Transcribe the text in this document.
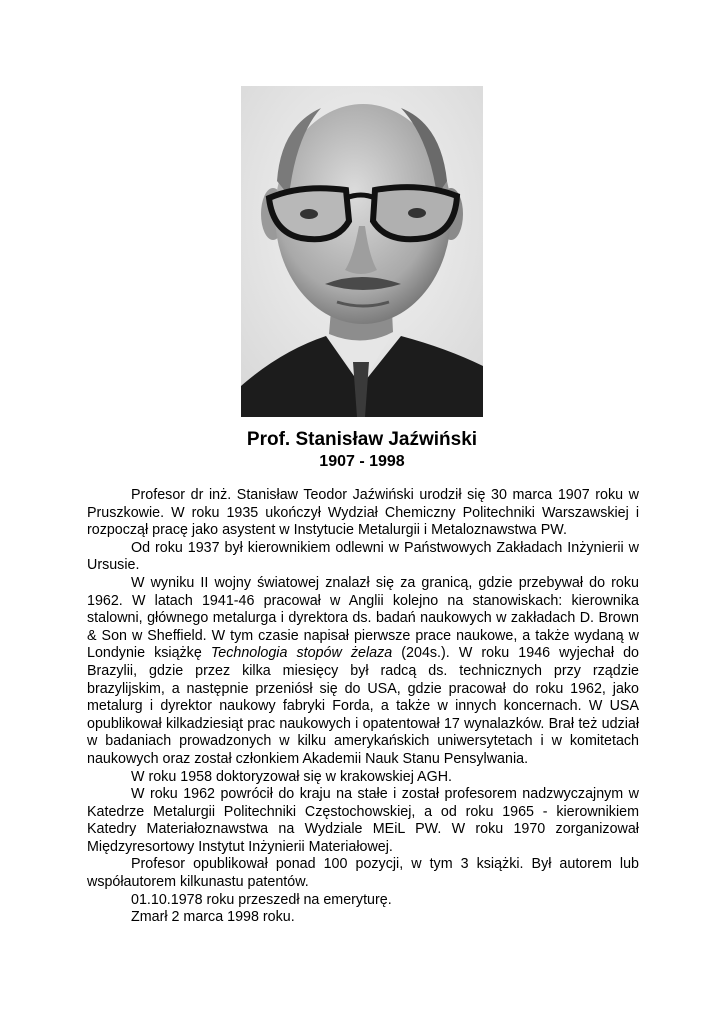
Prof. Stanisław Jaźwiński
1907 - 1998

Profesor dr inż. Stanisław Teodor Jaźwiński urodził się 30 marca 1907 roku w Pruszkowie. W roku 1935 ukończył Wydział Chemiczny Politechniki Warszawskiej i rozpoczął pracę jako asystent w Instytucie Metalurgii i Metaloznawstwa PW.

Od roku 1937 był kierownikiem odlewni w Państwowych Zakładach Inżynierii w Ursusie.

W wyniku II wojny światowej znalazł się za granicą, gdzie przebywał do roku 1962. W latach 1941-46 pracował w Anglii kolejno na stanowiskach: kierownika stalowni, głównego metalurga i dyrektora ds. badań naukowych w zakładach D. Brown & Son w Sheffield. W tym czasie napisał pierwsze prace naukowe, a także wydaną w Londynie książkę Technologia stopów żelaza (204s.). W roku 1946 wyjechał do Brazylii, gdzie przez kilka miesięcy był radcą ds. technicznych przy rządzie brazylijskim, a następnie przeniósł się do USA, gdzie pracował do roku 1962, jako metalurg i dyrektor naukowy fabryki Forda, a także w innych koncernach. W USA opublikował kilkadziesiąt prac naukowych i opatentował 17 wynalazków. Brał też udział w badaniach prowadzonych w kilku amerykańskich uniwersytetach i w komitetach naukowych oraz został członkiem Akademii Nauk Stanu Pensylwania.

W roku 1958 doktoryzował się w krakowskiej AGH.

W roku 1962 powrócił do kraju na stałe i został profesorem nadzwyczajnym w Katedrze Metalurgii Politechniki Częstochowskiej, a od roku 1965 - kierownikiem Katedry Materiałoznawstwa na Wydziale MEiL PW. W roku 1970 zorganizował Międzyresortowy Instytut Inżynierii Materiałowej.

Profesor opublikował ponad 100 pozycji, w tym 3 książki. Był autorem lub współautorem kilkunastu patentów.

01.10.1978 roku przeszedł na emeryturę.

Zmarł 2 marca 1998 roku.
